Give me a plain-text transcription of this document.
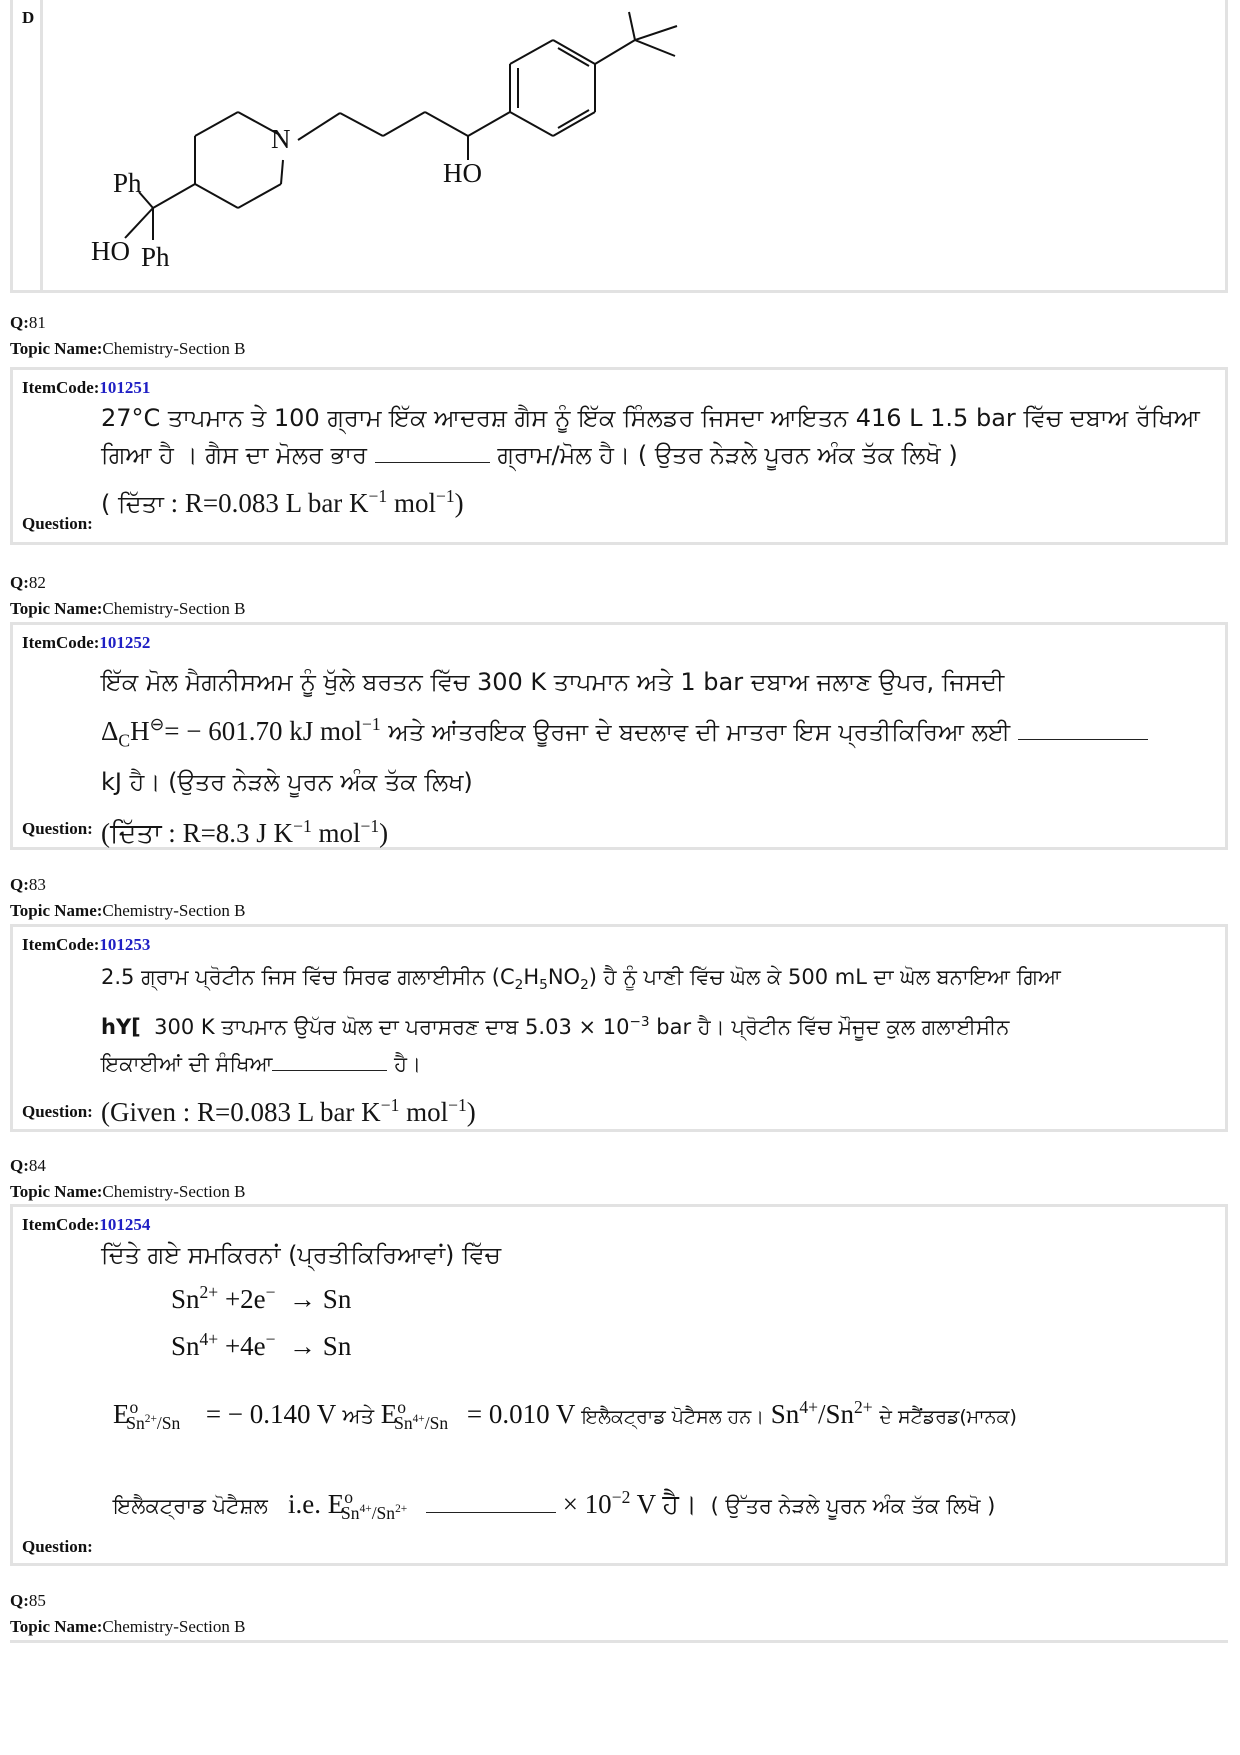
D
N
HO
Ph
HO Ph
Q:81
Topic Name:Chemistry-Section B
ItemCode:101251

27°C ਤਾਪਮਾਨ ਤੇ 100 ਗ੍ਰਾਮ ਇੱਕ ਆਦਰਸ਼ ਗੈਸ ਨੂੰ ਇੱਕ ਸਿੰਲਡਰ ਜਿਸਦਾ ਆਇਤਨ 416 L 1.5 bar ਵਿੱਚ ਦਬਾਅ ਰੱਖਿਆ

ਗਿਆ ਹੈ । ਗੈਸ ਦਾ ਮੋਲਰ ਭਾਰ	ਗ੍ਰਾਮ/ਮੋਲ ਹੈ। ( ਉਤਰ ਨੇੜਲੇ ਪੂਰਨ ਅੰਕ ਤੱਕ ਲਿਖੋ )

( ਦਿੱਤਾ : R=0.083 L bar $K^{-1}$ mol$^{-1}$)

Question:
Q:82
Topic Name:Chemistry-Section B
ItemCode:101252

ਇੱਕ ਮੋਲ ਮੈਗਨੀਸਅਮ ਨੂੰ ਖੁੱਲੇ ਬਰਤਨ ਵਿੱਚ 300 K ਤਾਪਮਾਨ ਅਤੇ 1 bar ਦਬਾਅ ਜਲਾਣ ਉਪਰ, ਜਿਸਦੀ

$\Delta_CH^⊖= - 601.70$ kJ mol$^{-1}$ ਅਤੇ ਆਂਤਰਇਕ ਊਰਜਾ ਦੇ ਬਦਲਾਵ ਦੀ ਮਾਤਰਾ ਇਸ ਪ੍ਰਤੀਕਿਰਿਆ ਲਈ

kJ ਹੈ। (ਉਤਰ ਨੇੜਲੇ ਪੂਰਨ ਅੰਕ ਤੱਕ ਲਿਖ)

(ਦਿੱਤਾ : R=8.3 J $K^{-1}$ mol$^{-1}$)

Question:
Q:83
Topic Name:Chemistry-Section B
ItemCode:101253

2.5 ਗ੍ਰਾਮ ਪ੍ਰੋਟੀਨ ਜਿਸ ਵਿੱਚ ਸਿਰਫ ਗਲਾਈਸੀਨ $(C_2H_5NO_2)$ ਹੈ ਨੂੰ ਪਾਣੀ ਵਿੱਚ ਘੋਲ ਕੇ 500 mL ਦਾ ਘੋਲ ਬਨਾਇਆ ਗਿਆ

hY[ 300 K ਤਾਪਮਾਨ ਉਪੱਰ ਘੋਲ ਦਾ ਪਰਾਸਰਣ ਦਾਬ $5.03 \times 10^{-3}$ bar ਹੈ। ਪ੍ਰੋਟੀਨ ਵਿੱਚ ਮੌਜੂਦ ਕੁਲ ਗਲਾਈਸੀਨ

ਇਕਾਈਆਂ ਦੀ ਸੰਖਿਆ	ਹੈ।

(Given : R=0.083 L bar $K^{-1}$ mol$^{-1}$)

Question:
Q:84
Topic Name:Chemistry-Section B
ItemCode:101254
ਦਿੱਤੇ ਗਏ ਸਮਕਿਰਨਾਂ (ਪ੍ਰਤੀਕਿਰਿਆਵਾਂ) ਵਿੱਚ
$Sn^{2+} +2e^- \to Sn$
$Sn^{4+} +4e^- \to Sn$
$E^o_{Sn^{2+}/Sn}$ = − 0.140 V ਅਤੇ $E^o_{Sn^{4+}/Sn} = 0.010$ V ਇਲੈਕਟ੍ਰਾਡ ਪੋਟੈਸਲ ਹਨ। $Sn^{4+}/Sn^{2+}$ ਦੇ ਸਟੈਂਡਰਡ(ਮਾਨਕ)
ਇਲੈਕਟ੍ਰਾਡ ਪੋਟੈਸ਼ਲ i.e. $E^o_{Sn^{4+}/Sn^{2+}}$	× $10^{-2}$ V ਹੈ। ( ਉੱਤਰ ਨੇੜਲੇ ਪੂਰਨ ਅੰਕ ਤੱਕ ਲਿਖੋ )
Question:
Q:85
Topic Name:Chemistry-Section B
